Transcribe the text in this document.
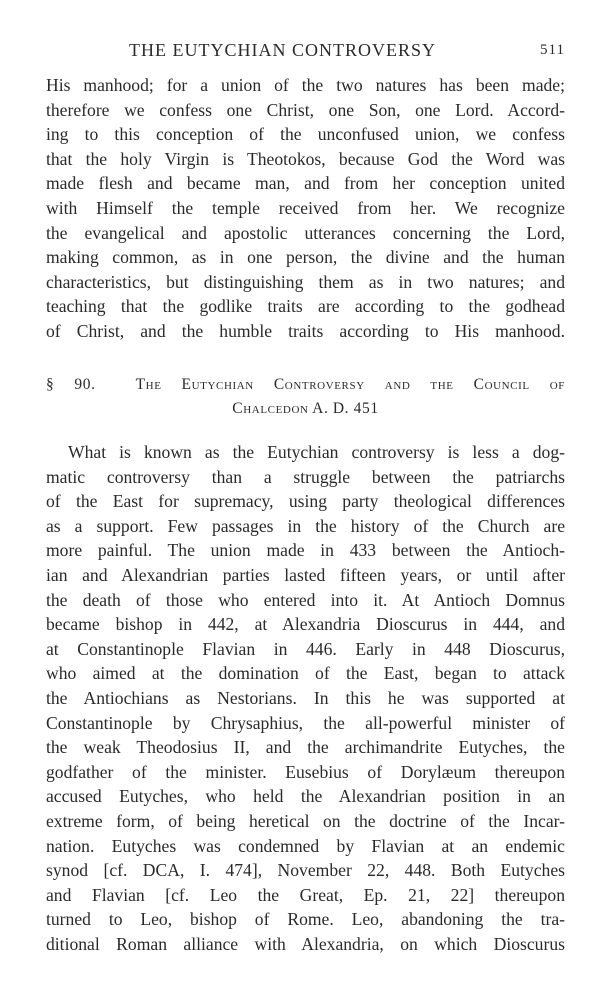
THE EUTYCHIAN CONTROVERSY	511
His manhood; for a union of the two natures has been made;
therefore we confess one Christ, one Son, one Lord. Accord-
ing to this conception of the unconfused union, we confess
that the holy Virgin is Theotokos, because God the Word was
made flesh and became man, and from her conception united
with Himself the temple received from her. We recognize
the evangelical and apostolic utterances concerning the Lord,
making common, as in one person, the divine and the human
characteristics, but distinguishing them as in two natures; and
teaching that the godlike traits are according to the godhead
of Christ, and the humble traits according to His manhood.
§ 90.	The Eutychian Controversy and the Council of
Chalcedon A. D. 451
What is known as the Eutychian controversy is less a dog-
matic controversy than a struggle between the patriarchs
of the East for supremacy, using party theological differences
as a support. Few passages in the history of the Church are
more painful. The union made in 433 between the Antioch-
ian and Alexandrian parties lasted fifteen years, or until after
the death of those who entered into it. At Antioch Domnus
became bishop in 442, at Alexandria Dioscurus in 444, and
at Constantinople Flavian in 446. Early in 448 Dioscurus,
who aimed at the domination of the East, began to attack
the Antiochians as Nestorians. In this he was supported at
Constantinople by Chrysaphius, the all-powerful minister of
the weak Theodosius II, and the archimandrite Eutyches, the
godfather of the minister. Eusebius of Dorylæum thereupon
accused Eutyches, who held the Alexandrian position in an
extreme form, of being heretical on the doctrine of the Incar-
nation. Eutyches was condemned by Flavian at an endemic
synod [cf. DCA, I. 474], November 22, 448. Both Eutyches
and Flavian [cf. Leo the Great, Ep. 21, 22] thereupon
turned to Leo, bishop of Rome. Leo, abandoning the tra-
ditional Roman alliance with Alexandria, on which Dioscurus
